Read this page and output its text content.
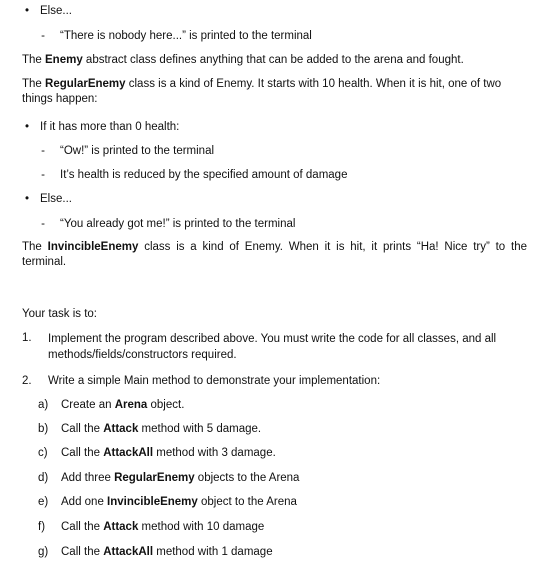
• Else...
-	“There is nobody here...” is printed to the terminal
The Enemy abstract class defines anything that can be added to the arena and fought.
The RegularEnemy class is a kind of Enemy. It starts with 10 health. When it is hit, one of two things happen:
• If it has more than 0 health:
-	“Ow!” is printed to the terminal
-	It’s health is reduced by the specified amount of damage
• Else...
-	“You already got me!” is printed to the terminal
The InvincibleEnemy class is a kind of Enemy. When it is hit, it prints “Ha! Nice try” to the terminal.
Your task is to:
1. Implement the program described above. You must write the code for all classes, and all methods/fields/constructors required.
2. Write a simple Main method to demonstrate your implementation:
a) Create an Arena object.
b) Call the Attack method with 5 damage.
c) Call the AttackAll method with 3 damage.
d) Add three RegularEnemy objects to the Arena
e) Add one InvincibleEnemy object to the Arena
f) Call the Attack method with 10 damage
g) Call the AttackAll method with 1 damage
